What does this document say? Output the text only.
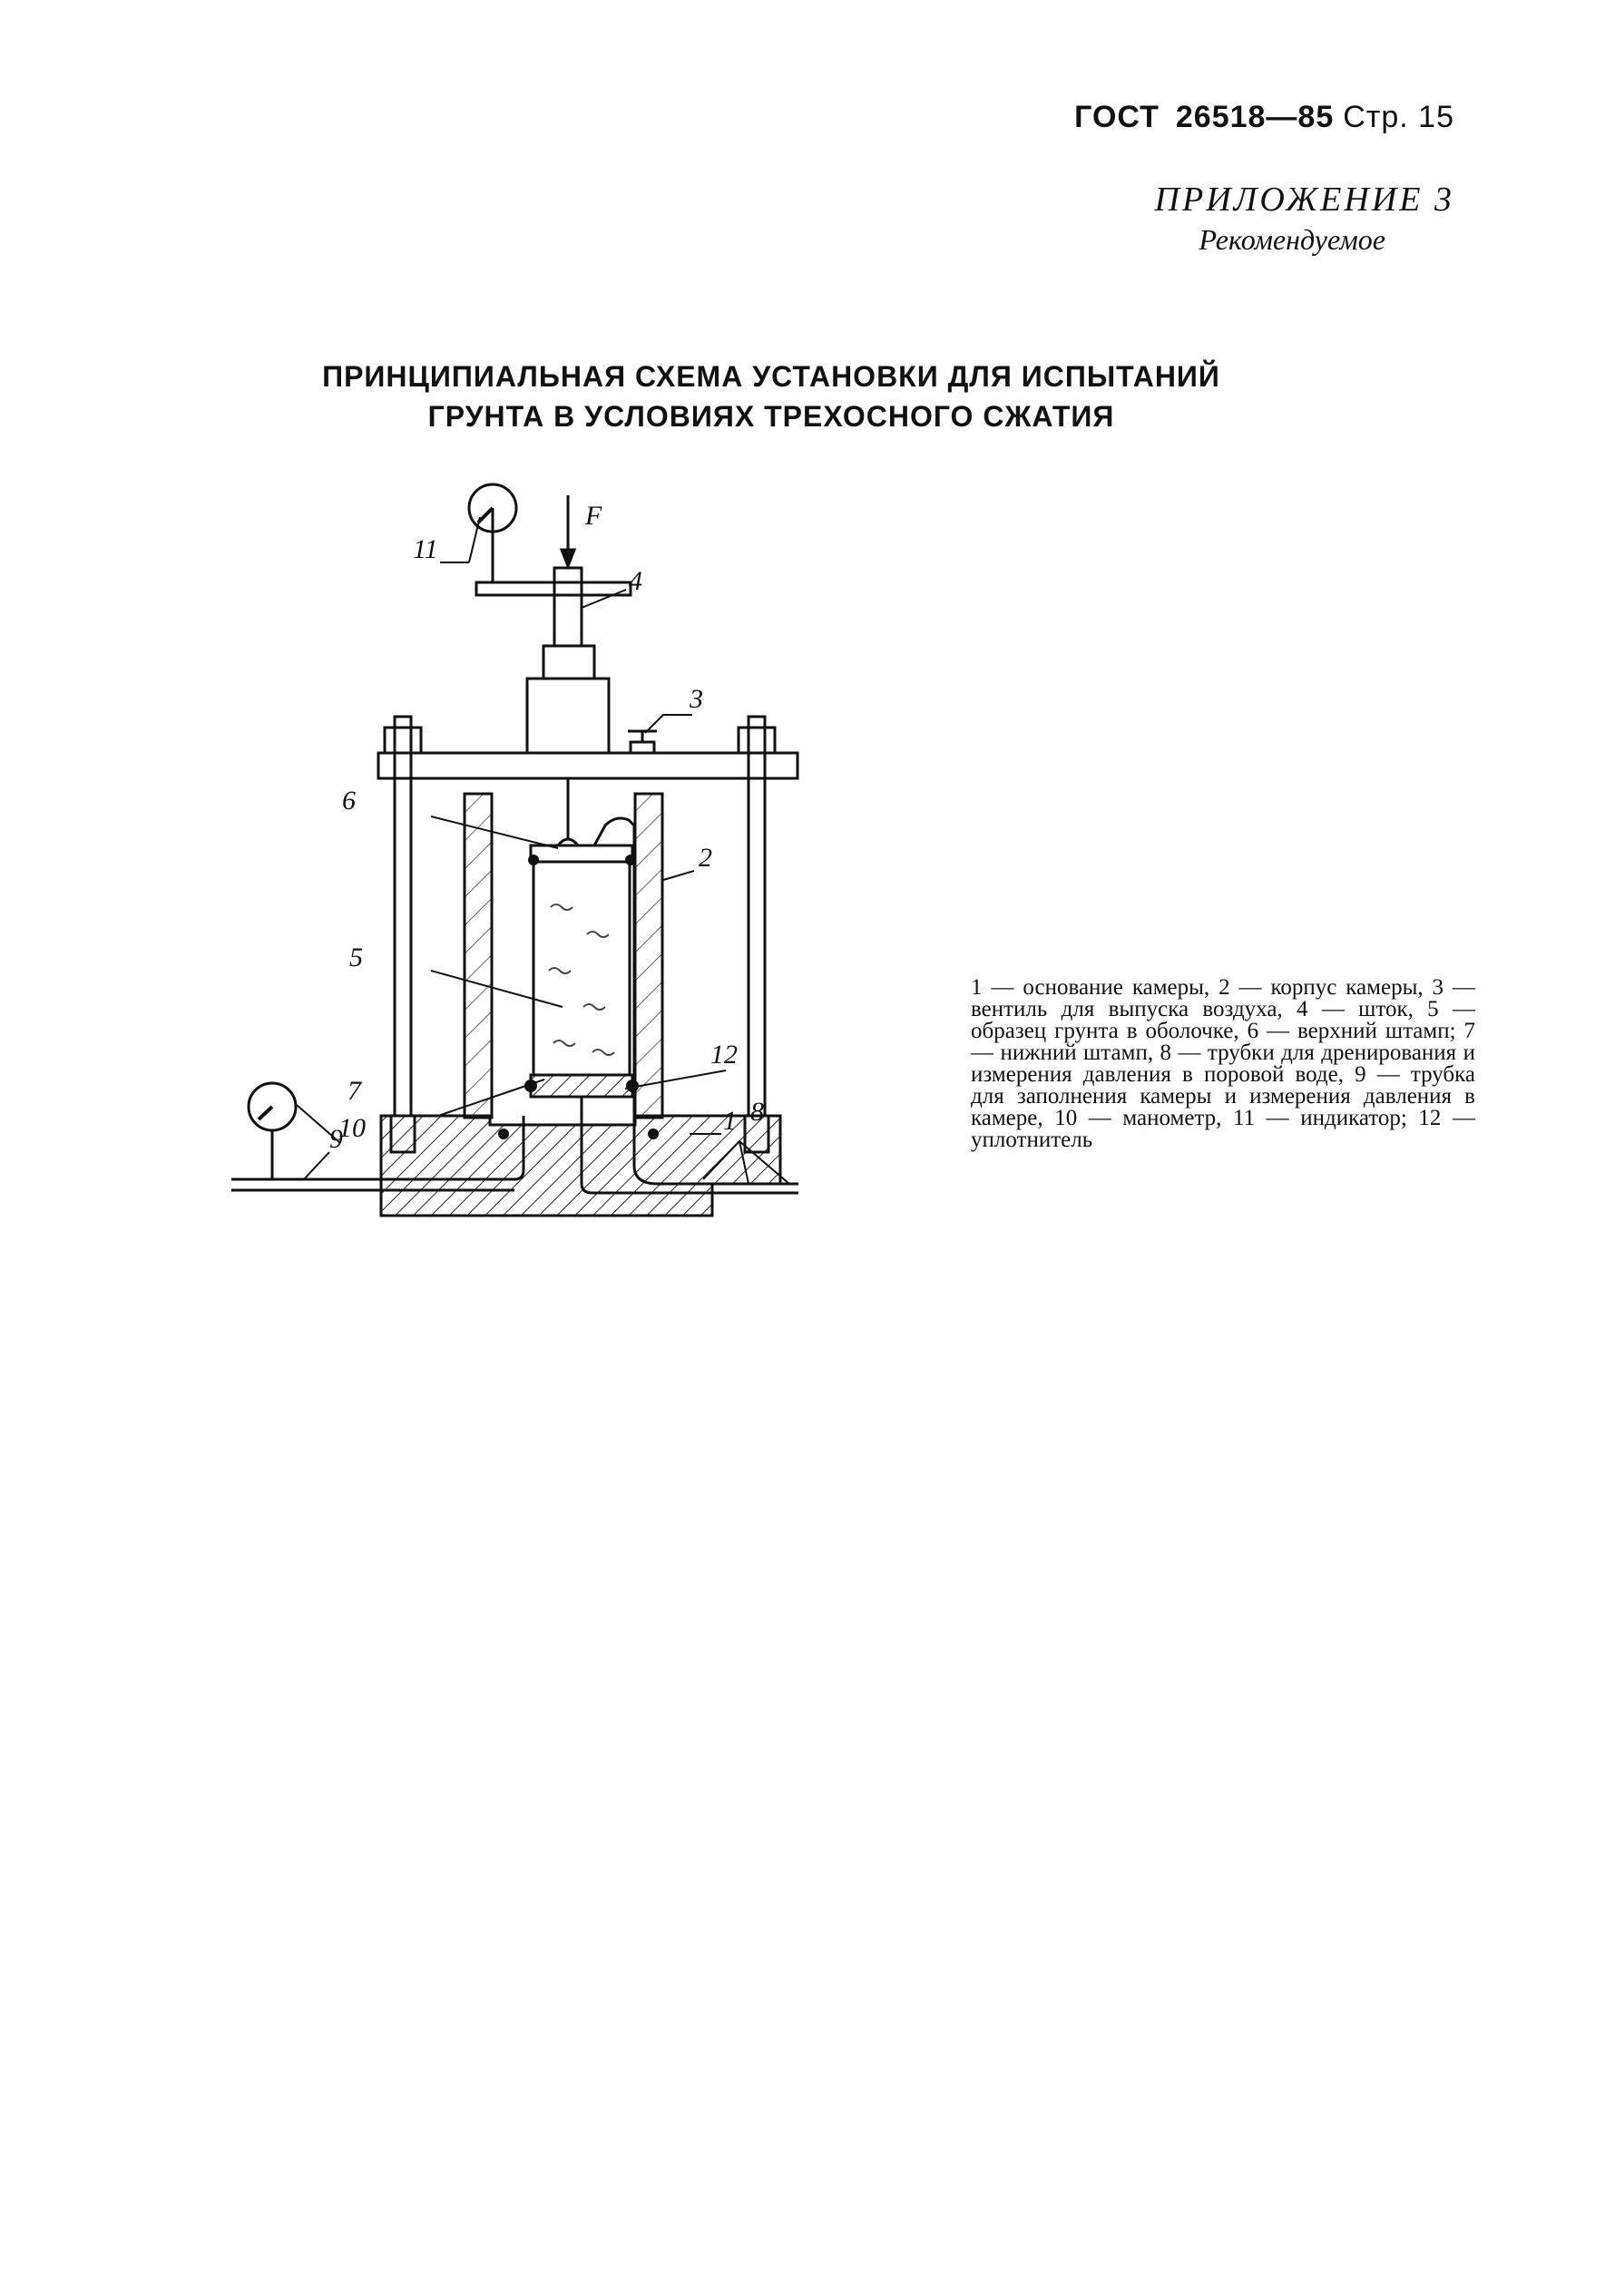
ГОСТ 26518—85 Стр. 15
ПРИЛОЖЕНИЕ 3
Рекомендуемое
ПРИНЦИПИАЛЬНАЯ СХЕМА УСТАНОВКИ ДЛЯ ИСПЫТАНИЙ
ГРУНТА В УСЛОВИЯХ ТРЕХОСНОГО СЖАТИЯ
F
11
4
3
6
2
5
7
12
10	1 8
9
1 — основание камеры, 2 — корпус камеры, 3 — вентиль для выпуска воздуха, 4 — шток, 5 — образец грунта в оболочке, 6 — верхний штамп; 7 — нижний штамп, 8 — трубки для дренирования и измерения давления в поровой воде, 9 — трубка для заполнения камеры и измерения давления в камере, 10 — манометр, 11 — индикатор; 12 — уплотнитель
